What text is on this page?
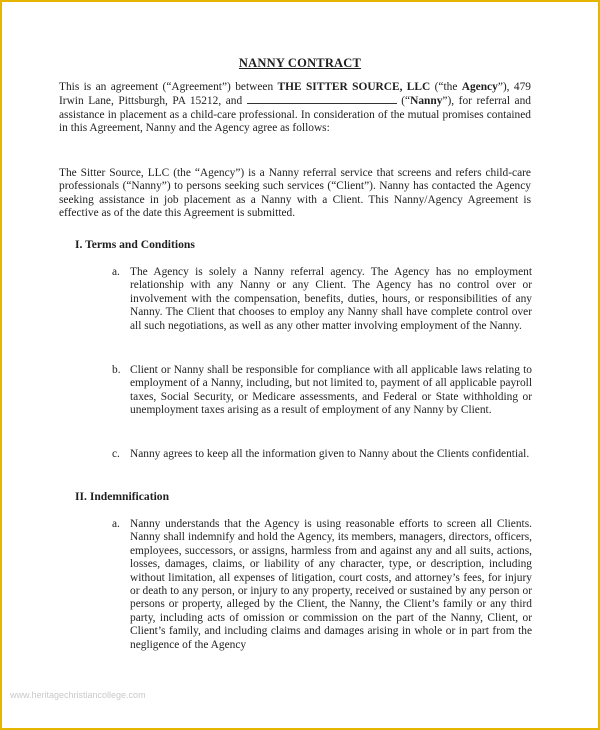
NANNY CONTRACT

This is an agreement (“Agreement”) between THE SITTER SOURCE, LLC (“the Agency”), 479 Irwin Lane, Pittsburgh, PA 15212, and	(“Nanny”), for referral and assistance in placement as a child-care professional. In consideration of the mutual promises contained in this Agreement, Nanny and the Agency agree as follows:

The Sitter Source, LLC (the “Agency”) is a Nanny referral service that screens and refers child-care professionals (“Nanny”) to persons seeking such services (“Client”). Nanny has contacted the Agency seeking assistance in job placement as a Nanny with a Client. This Nanny/Agency Agreement is effective as of the date this Agreement is submitted.

I. Terms and Conditions

a. The Agency is solely a Nanny referral agency. The Agency has no employment relationship with any Nanny or any Client. The Agency has no control over or involvement with the compensation, benefits, duties, hours, or responsibilities of any Nanny. The Client that chooses to employ any Nanny shall have complete control over all such negotiations, as well as any other matter involving employment of the Nanny.
b. Client or Nanny shall be responsible for compliance with all applicable laws relating to employment of a Nanny, including, but not limited to, payment of all applicable payroll taxes, Social Security, or Medicare assessments, and Federal or State withholding or unemployment taxes arising as a result of employment of any Nanny by Client.
c. Nanny agrees to keep all the information given to Nanny about the Clients confidential.

II. Indemnification

a. Nanny understands that the Agency is using reasonable efforts to screen all Clients. Nanny shall indemnify and hold the Agency, its members, managers, directors, officers, employees, successors, or assigns, harmless from and against any and all suits, actions, losses, damages, claims, or liability of any character, type, or description, including without limitation, all expenses of litigation, court costs, and attorney’s fees, for injury or death to any person, or injury to any property, received or sustained by any person or persons or property, alleged by the Client, the Nanny, the Client’s family or any third party, including acts of omission or commission on the part of the Nanny, Client, or Client’s family, and including claims and damages arising in whole or in part from the negligence of the Agency
www.heritagechristiancollege.com
